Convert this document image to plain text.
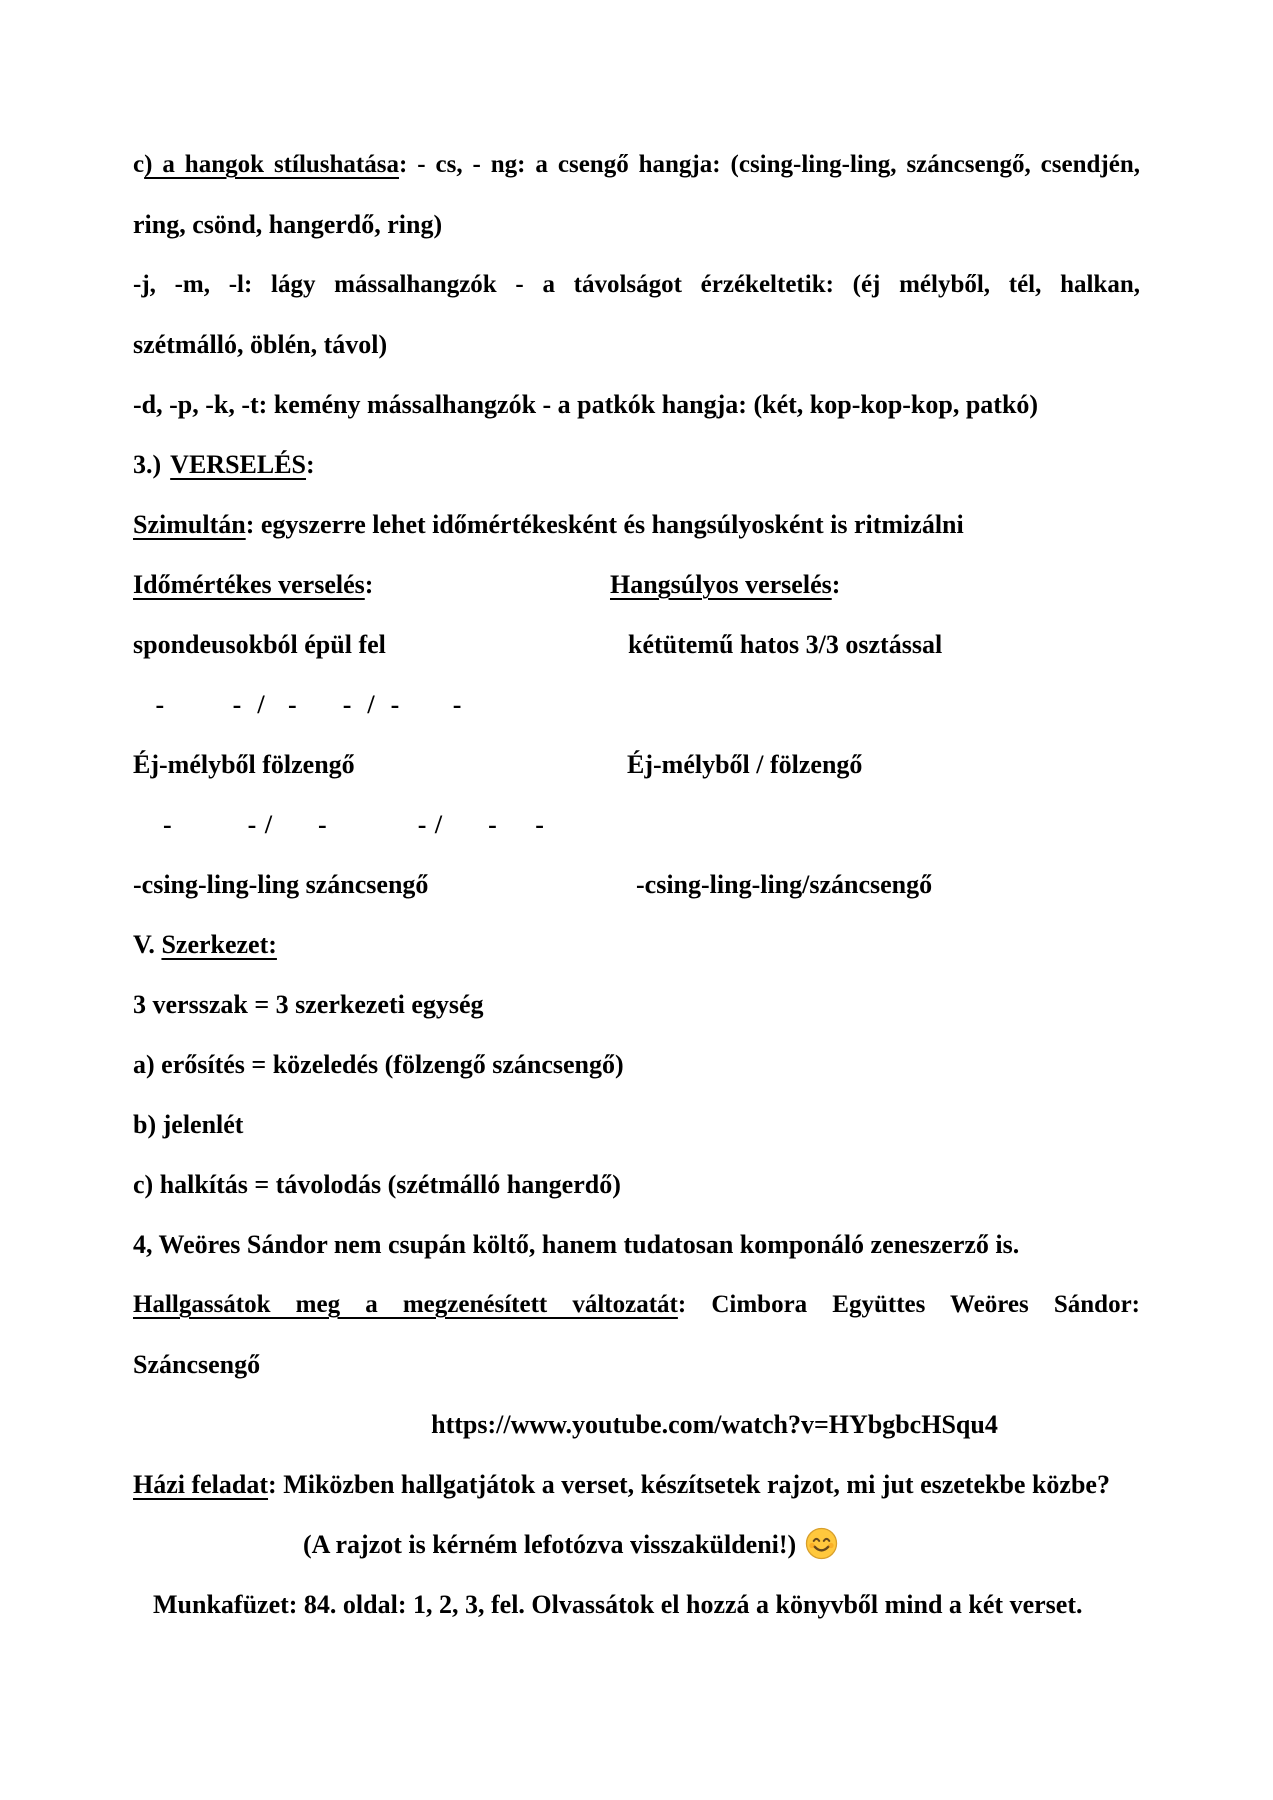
c) a hangok stílushatása: - cs, - ng: a csengő hangja: (csing-ling-ling, száncsengő, csendjén,
ring, csönd, hangerdő, ring)
-j, -m, -l: lágy mássalhangzók - a távolságot érzékeltetik: (éj mélyből, tél, halkan,
szétmálló, öblén, távol)
-d, -p, -k, -t: kemény mássalhangzók - a patkók hangja: (két, kop-kop-kop, patkó)
3.) VERSELÉS:
Szimultán: egyszerre lehet időmértékesként és hangsúlyosként is ritmizálni
Időmértékes verselés:	Hangsúlyos verselés:
spondeusokból épül fel	kétütemű hatos 3/3 osztással
-         -  /   -      -  /  -       -
Éj-mélyből fölzengő	Éj-mélyből / fölzengő
-          - /      -            - /      -     -
-csing-ling-ling száncsengő	-csing-ling-ling/száncsengő
V. Szerkezet:
3 versszak = 3 szerkezeti egység
a) erősítés = közeledés (fölzengő száncsengő)
b) jelenlét
c) halkítás = távolodás (szétmálló hangerdő)
4, Weöres Sándor nem csupán költő, hanem tudatosan komponáló zeneszerző is.
Hallgassátok meg a megzenésített változatát: Cimbora Együttes Weöres Sándor:
Száncsengő
https://www.youtube.com/watch?v=HYbgbcHSqu4
Házi feladat: Miközben hallgatjátok a verset, készítsetek rajzot, mi jut eszetekbe közbe?
(A rajzot is kérném lefotózva visszaküldeni!)
Munkafüzet: 84. oldal: 1, 2, 3, fel. Olvassátok el hozzá a könyvből mind a két verset.
